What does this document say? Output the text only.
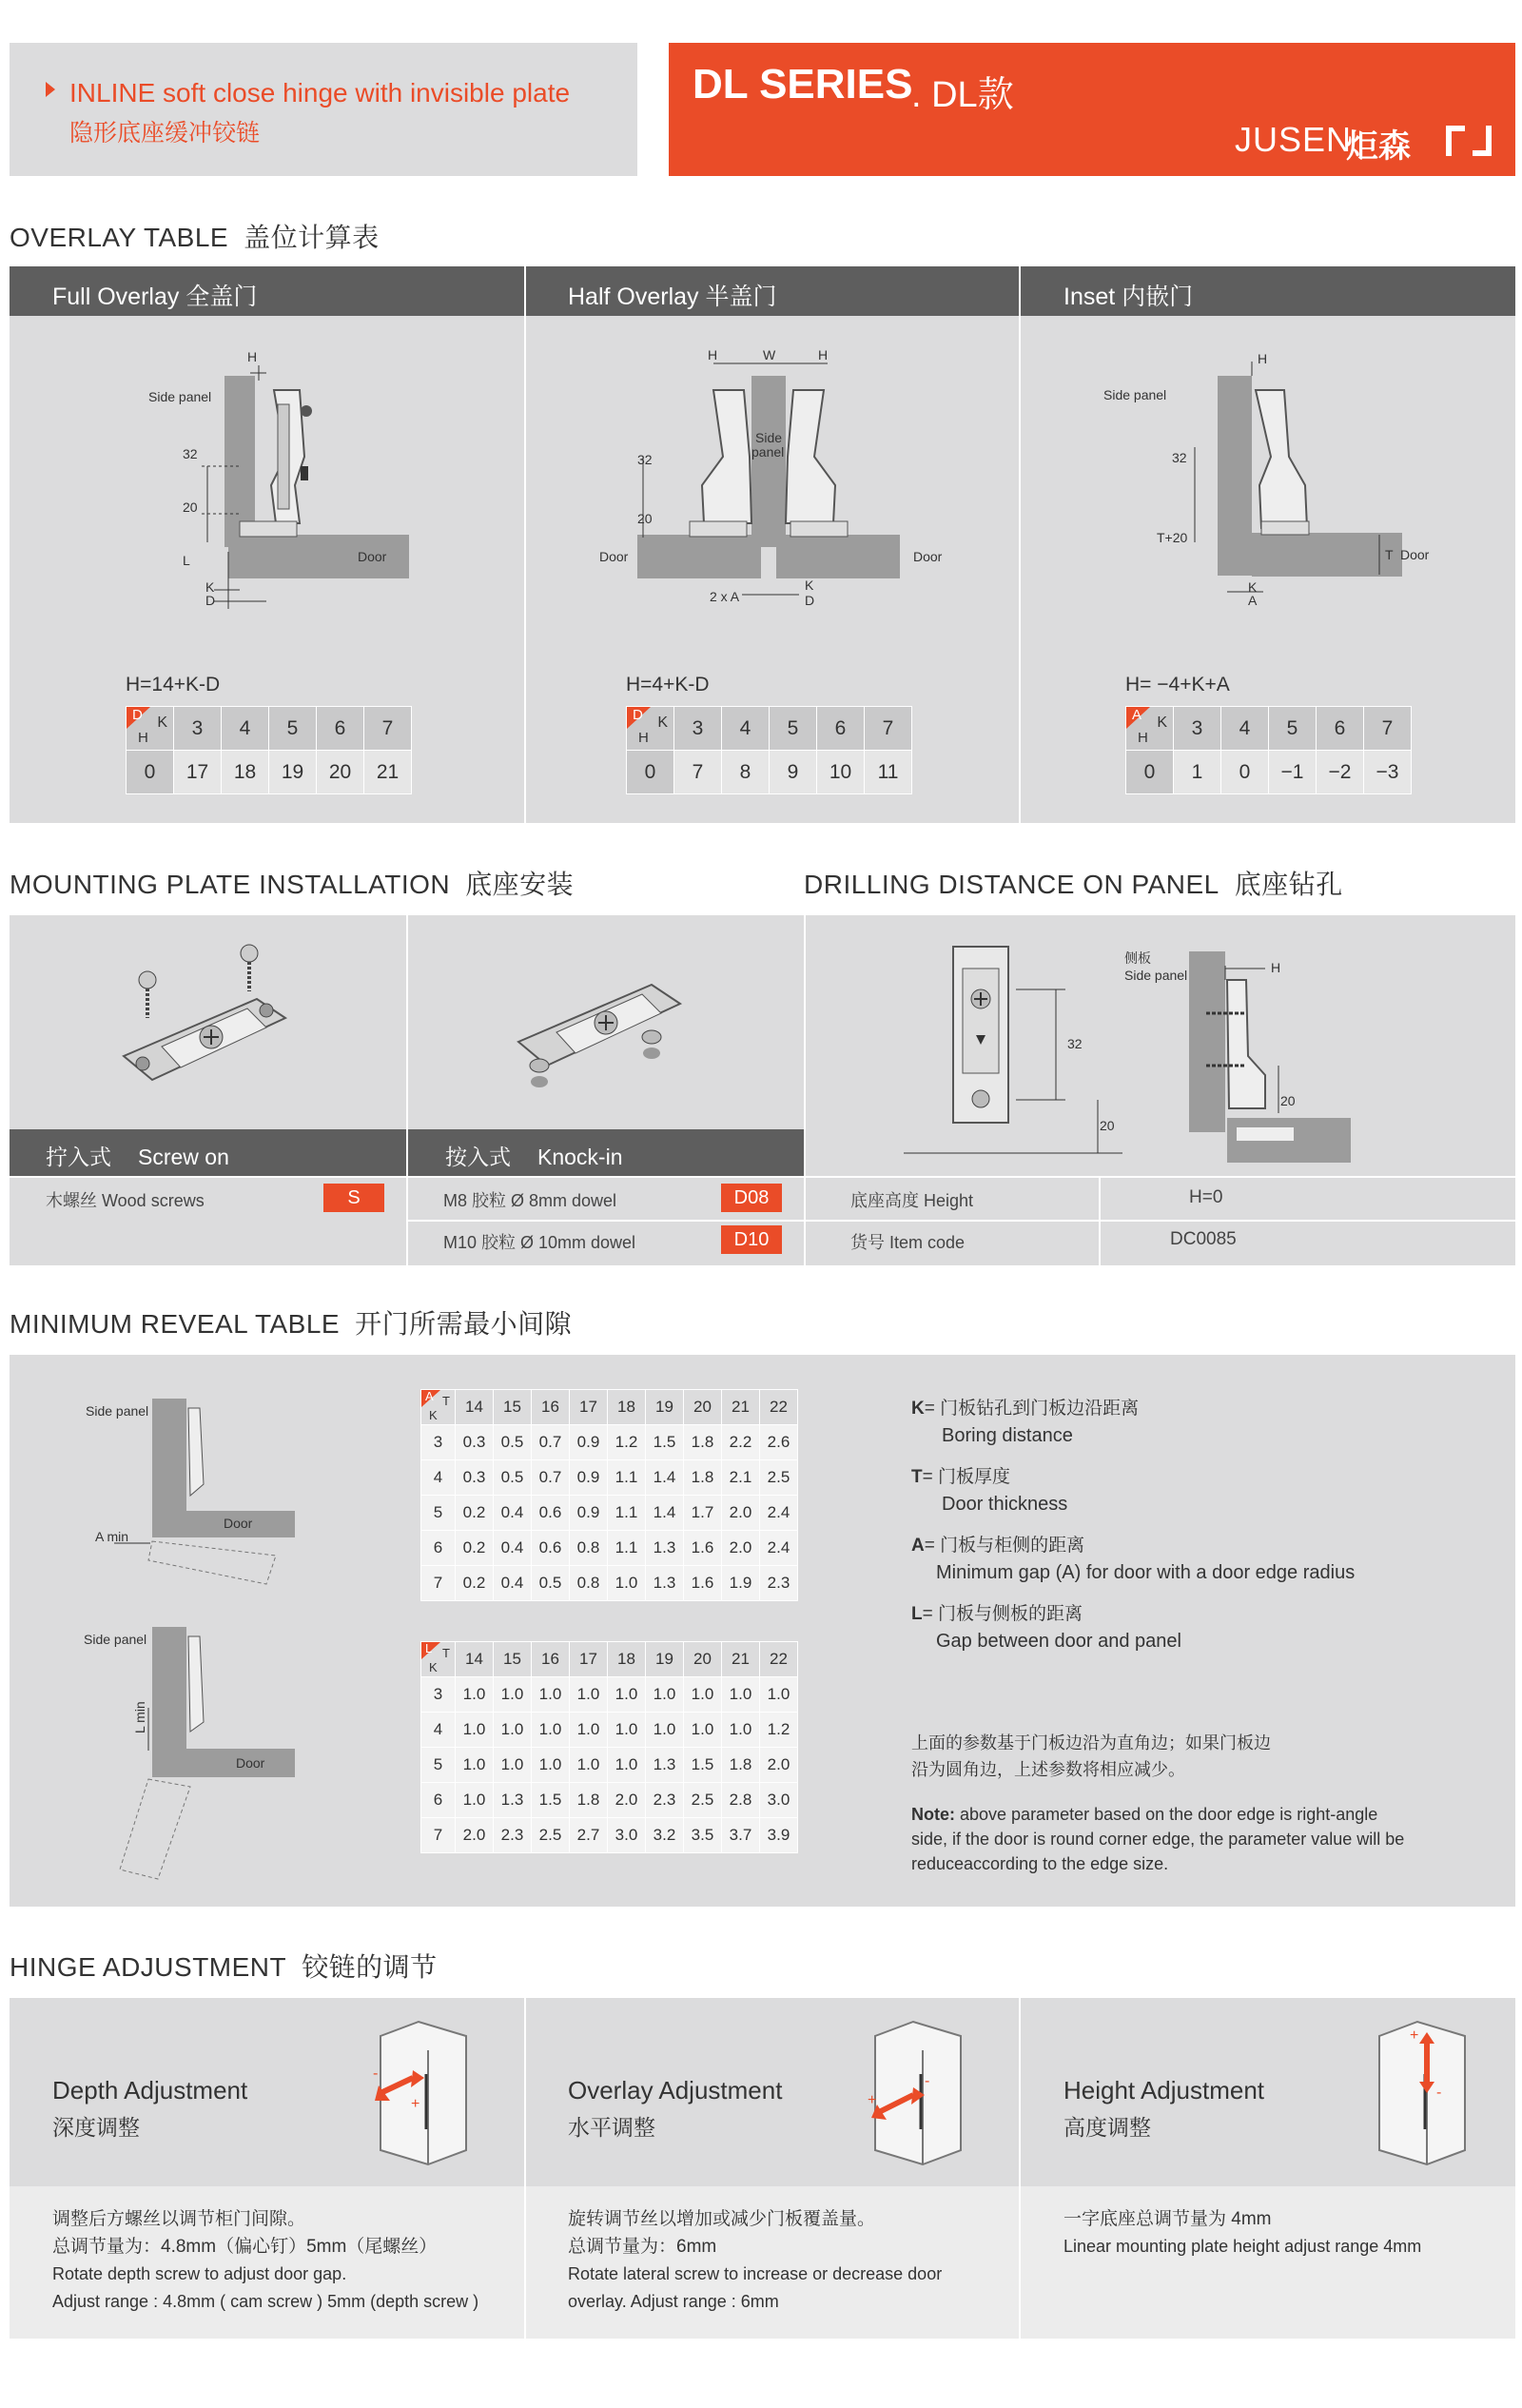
INLINE soft close hinge with invisible plate
隐形底座缓冲铰链
DL SERIES
. DL款
JUSEN
炬森
OVERLAY TABLE 盖位计算表
Full Overlay 全盖门	Half Overlay 半盖门	Inset 内嵌门
H
Side panel
32
20
Door
L
K
D
H=14+K-D
D K
H	3	4	5	6	7
0	17	18	19	20	21
H	W	H
Side
panel
32
20
Door	Door
K
D
2 x A
H=4+K-D
D K
H	3	4	5	6	7
0	7	8	9	10	11
H
Side panel
32
T+20
T Door
K
A
H= −4+K+A
A K
H	3	4	5	6	7
0	1	0	−1	−2	−3
MOUNTING PLATE INSTALLATION 底座安装	DRILLING DISTANCE ON PANEL 底座钻孔
拧入式 Screw on	按入式 Knock-in
木螺丝 Wood screws	S	M8 胶粒 Ø 8mm dowel	D08
M10 胶粒 Ø 10mm dowel	D10
32
20
侧板
Side panel	H
20
底座高度 Height	H=0
货号 Item code	DC0085
MINIMUM REVEAL TABLE 开门所需最小间隙
Side panel
Door
A min
Side panel
L min
Door
A T
K	14	15	16	17	18	19	20	21	22
3	0.3	0.5	0.7	0.9	1.2	1.5	1.8	2.2	2.6
4	0.3	0.5	0.7	0.9	1.1	1.4	1.8	2.1	2.5
5	0.2	0.4	0.6	0.9	1.1	1.4	1.7	2.0	2.4
6	0.2	0.4	0.6	0.8	1.1	1.3	1.6	2.0	2.4
7	0.2	0.4	0.5	0.8	1.0	1.3	1.6	1.9	2.3
L T
K	14	15	16	17	18	19	20	21	22
3	1.0	1.0	1.0	1.0	1.0	1.0	1.0	1.0	1.0
4	1.0	1.0	1.0	1.0	1.0	1.0	1.0	1.0	1.2
5	1.0	1.0	1.0	1.0	1.0	1.3	1.5	1.8	2.0
6	1.0	1.3	1.5	1.8	2.0	2.3	2.5	2.8	3.0
7	2.0	2.3	2.5	2.7	3.0	3.2	3.5	3.7	3.9
K= 门板钻孔到门板边沿距离
Boring distance
T= 门板厚度
Door thickness
A= 门板与柜侧的距离
Minimum gap (A) for door with a door edge radius
L= 门板与侧板的距离
Gap between door and panel
上面的参数基于门板边沿为直角边；如果门板边
沿为圆角边，上述参数将相应减少。
Note: above parameter based on the door edge is right-angle
side, if the door is round corner edge, the parameter value will be
reduceaccording to the edge size.
HINGE ADJUSTMENT 铰链的调节
Depth Adjustment
深度调整
-
+
调整后方螺丝以调节柜门间隙。
总调节量为：4.8mm（偏心钉）5mm（尾螺丝）
Rotate depth screw to adjust door gap.
Adjust range : 4.8mm ( cam screw ) 5mm (depth screw )
Overlay Adjustment
水平调整
+
-
旋转调节丝以增加或减少门板覆盖量。
总调节量为：6mm
Rotate lateral screw to increase or decrease door
overlay. Adjust range : 6mm
Height Adjustment
高度调整
+
-
一字底座总调节量为 4mm
Linear mounting plate height adjust range 4mm
